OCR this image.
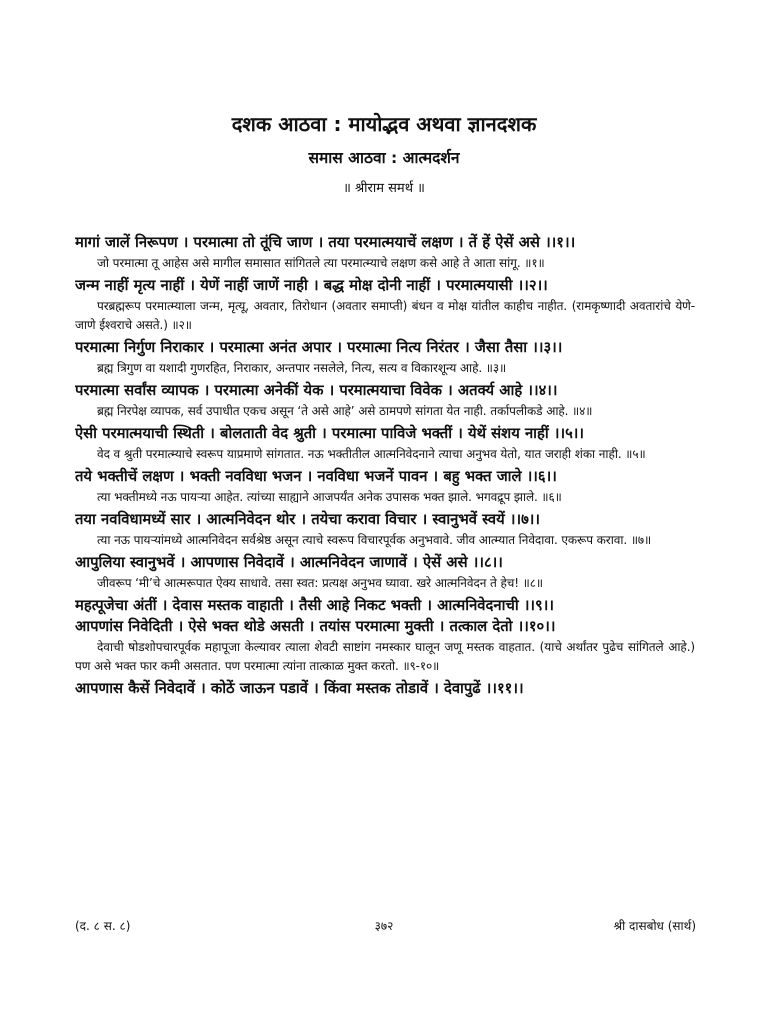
दशक आठवा : मायोद्भव अथवा ज्ञानदशक
समास आठवा : आत्मदर्शन
॥ श्रीराम समर्थ ॥

मागां जालें निरूपण । परमात्मा तो तूंचि जाण । तया परमात्मयाचें लक्षण । तें हें ऐसें असे ।।१।।

जो परमात्मा तू आहेस असे मागील समासात सांगितले त्या परमात्म्याचे लक्षण कसे आहे ते आता सांगू. ॥१॥

जन्म नाहीं मृत्य नाहीं । येणें नाहीं जाणें नाही । बद्ध मोक्ष दोनी नाहीं । परमात्मयासी ।।२।।

परब्रह्मरूप परमात्म्याला जन्म, मृत्यू, अवतार, तिरोधान (अवतार समाप्ती) बंधन व मोक्ष यांतील काहीच नाहीत. (रामकृष्णादी अवतारांचे येणे-जाणे ईश्वराचे असते.) ॥२॥

परमात्मा निर्गुण निराकार । परमात्मा अनंत अपार । परमात्मा नित्य निरंतर । जैसा तैसा ।।३।।

ब्रह्म त्रिगुण वा यशादी गुणरहित, निराकार, अन्तपार नसलेले, नित्य, सत्य व विकारशून्य आहे. ॥३॥

परमात्मा सर्वांस व्यापक । परमात्मा अनेकीं येक । परमात्मयाचा विवेक । अतर्क्य आहे ।।४।।

ब्रह्म निरपेक्ष व्यापक, सर्व उपाधीत एकच असून ‘ते असे आहे’ असे ठामपणे सांगता येत नाही. तर्कापलीकडे आहे. ॥४॥

ऐसी परमात्मयाची स्थिती । बोलताती वेद श्रुती । परमात्मा पाविजे भक्तीं । येथें संशय नाहीं ।।५।।

वेद व श्रुती परमात्म्याचे स्वरूप याप्रमाणे सांगतात. नऊ भक्तीतील आत्मनिवेदनाने त्याचा अनुभव येतो, यात जराही शंका नाही. ॥५॥

तये भक्तीचें लक्षण । भक्ती नवविधा भजन । नवविधा भजनें पावन । बहु भक्त जाले ।।६।।

त्या भक्तीमध्ये नऊ पायऱ्या आहेत. त्यांच्या साह्याने आजपर्यंत अनेक उपासक भक्त झाले. भगवद्रूप झाले. ॥६॥

तया नवविधामध्यें सार । आत्मनिवेदन थोर । तयेचा करावा विचार । स्वानुभवें स्वयें ।।७।।

त्या नऊ पायऱ्यांमध्ये आत्मनिवेदन सर्वश्रेष्ठ असून त्याचे स्वरूप विचारपूर्वक अनुभवावे. जीव आत्म्यात निवेदावा. एकरूप करावा. ॥७॥

आपुलिया स्वानुभवें । आपणास निवेदावें । आत्मनिवेदन जाणावें । ऐसें असे ।।८।।

जीवरूप ‘मी’चे आत्मरूपात ऐक्य साधावे. तसा स्वत: प्रत्यक्ष अनुभव घ्यावा. खरे आत्मनिवेदन ते हेच! ॥८॥

महत्पूजेचा अंतीं । देवास मस्तक वाहाती । तैसी आहे निकट भक्ती । आत्मनिवेदनाची ।।९।।

आपणांस निवेदिती । ऐसे भक्त थोडे असती । तयांस परमात्मा मुक्ती । तत्काल देतो ।।१०।।

देवाची षोडशोपचारपूर्वक महापूजा केल्यावर त्याला शेवटी साष्टांग नमस्कार घालून जणू मस्तक वाहतात. (याचे अर्थांतर पुढेच सांगितले आहे.) पण असे भक्त फार कमी असतात. पण परमात्मा त्यांना तात्काळ मुक्त करतो. ॥९-१०॥

आपणास कैसें निवेदावें । कोठें जाऊन पडावें । किंवा मस्तक तोडावें । देवापुढें ।।११।।

(द. ८ स. ८)	३७२	श्री दासबोध (सार्थ)
